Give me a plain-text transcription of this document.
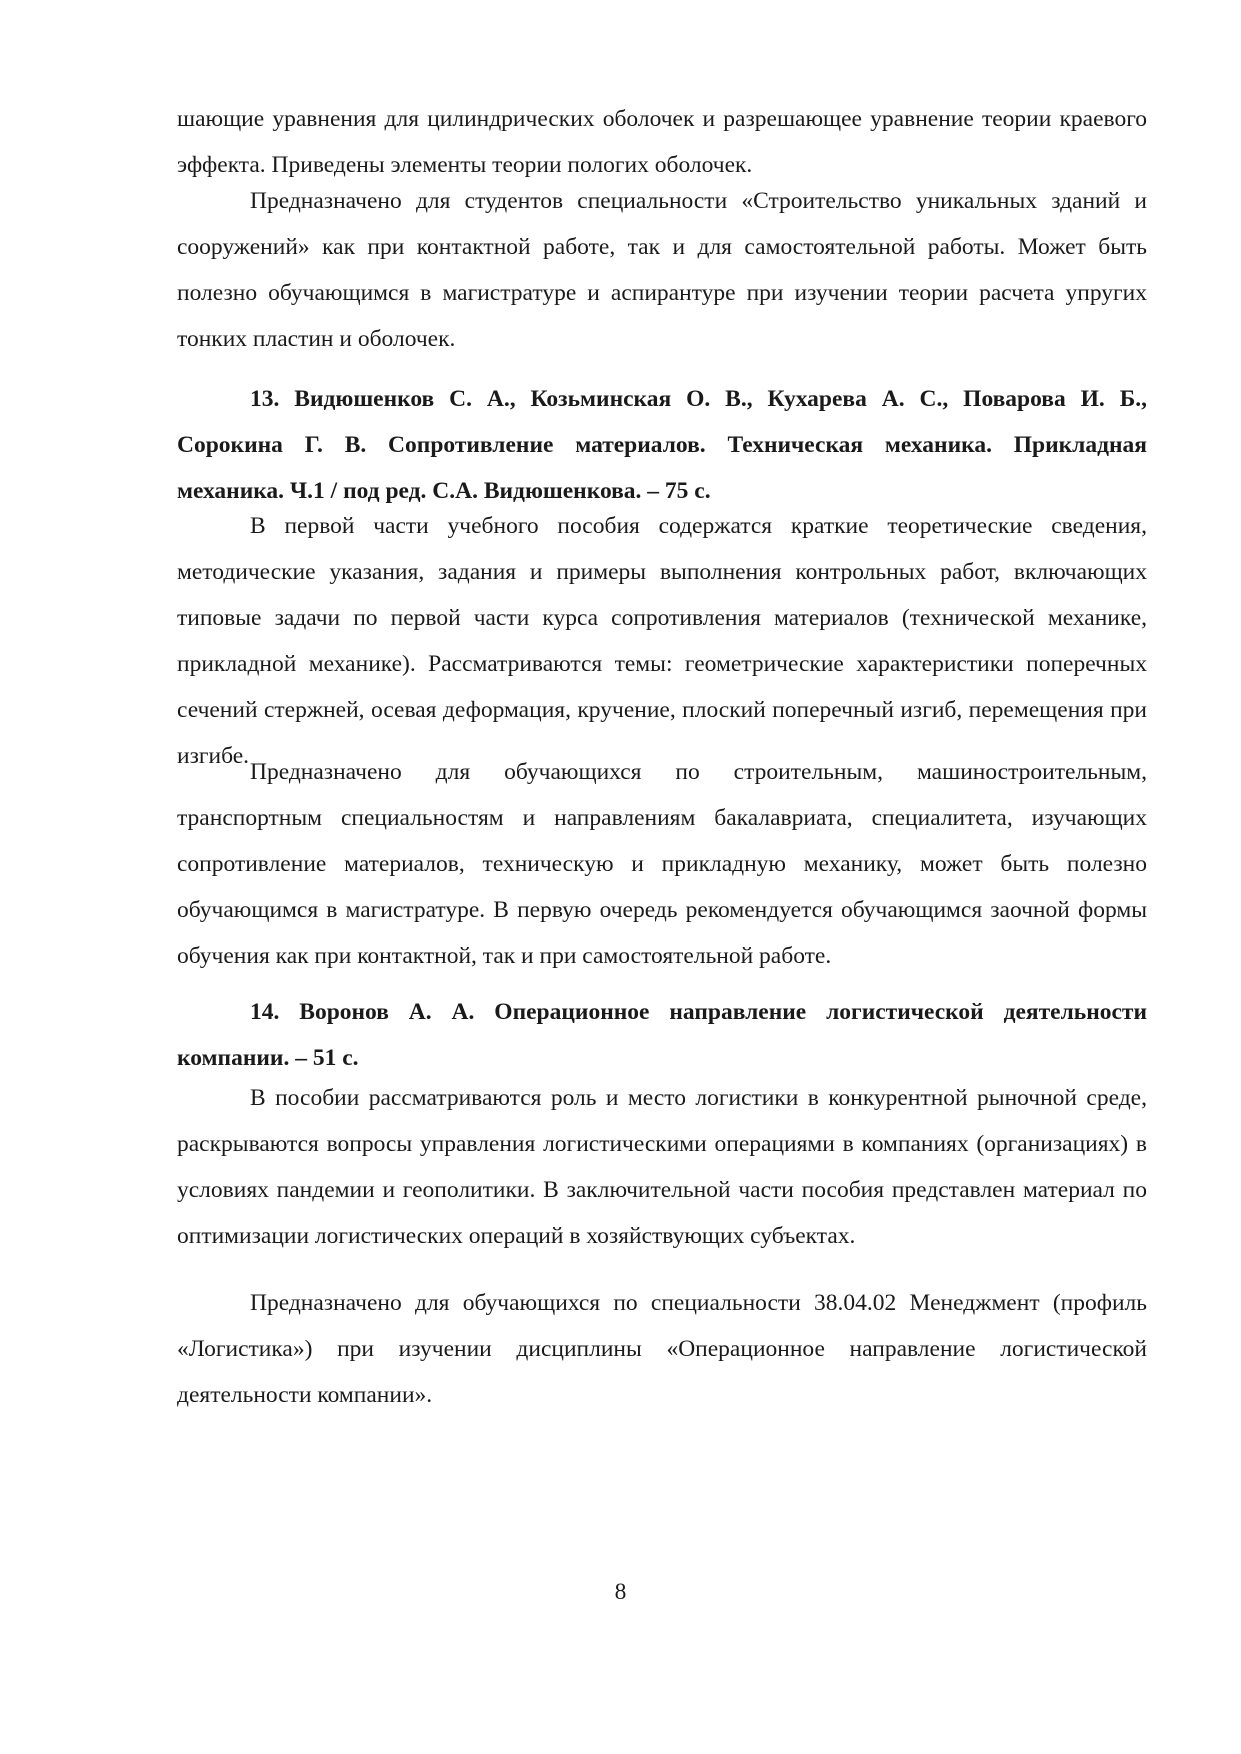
шающие уравнения для цилиндрических оболочек и разрешающее уравнение теории краевого эффекта. Приведены элементы теории пологих оболочек.

Предназначено для студентов специальности «Строительство уникальных зданий и сооружений» как при контактной работе, так и для самостоятельной работы. Может быть полезно обучающимся в магистратуре и аспирантуре при изучении теории расчета упругих тонких пластин и оболочек.

13. Видюшенков С. А., Козьминская О. В., Кухарева А. С., Поварова И. Б., Сорокина Г. В. Сопротивление материалов. Техническая механика. Прикладная механика. Ч.1 / под ред. С.А. Видюшенкова. – 75 с.

В первой части учебного пособия содержатся краткие теоретические сведения, методические указания, задания и примеры выполнения контрольных работ, включающих типовые задачи по первой части курса сопротивления материалов (технической механике, прикладной механике). Рассматриваются темы: геометрические характеристики поперечных сечений стержней, осевая деформация, кручение, плоский поперечный изгиб, перемещения при изгибе.

Предназначено для обучающихся по строительным, машиностроительным, транспортным специальностям и направлениям бакалавриата, специалитета, изучающих сопротивление материалов, техническую и прикладную механику, может быть полезно обучающимся в магистратуре. В первую очередь рекомендуется обучающимся заочной формы обучения как при контактной, так и при самостоятельной работе.

14. Воронов А. А. Операционное направление логистической деятельности компании. – 51 с.

В пособии рассматриваются роль и место логистики в конкурентной рыночной среде, раскрываются вопросы управления логистическими операциями в компаниях (организациях) в условиях пандемии и геополитики. В заключительной части пособия представлен материал по оптимизации логистических операций в хозяйствующих субъектах.

Предназначено для обучающихся по специальности 38.04.02 Менеджмент (профиль «Логистика») при изучении дисциплины «Операционное направление логистической деятельности компании».

8
